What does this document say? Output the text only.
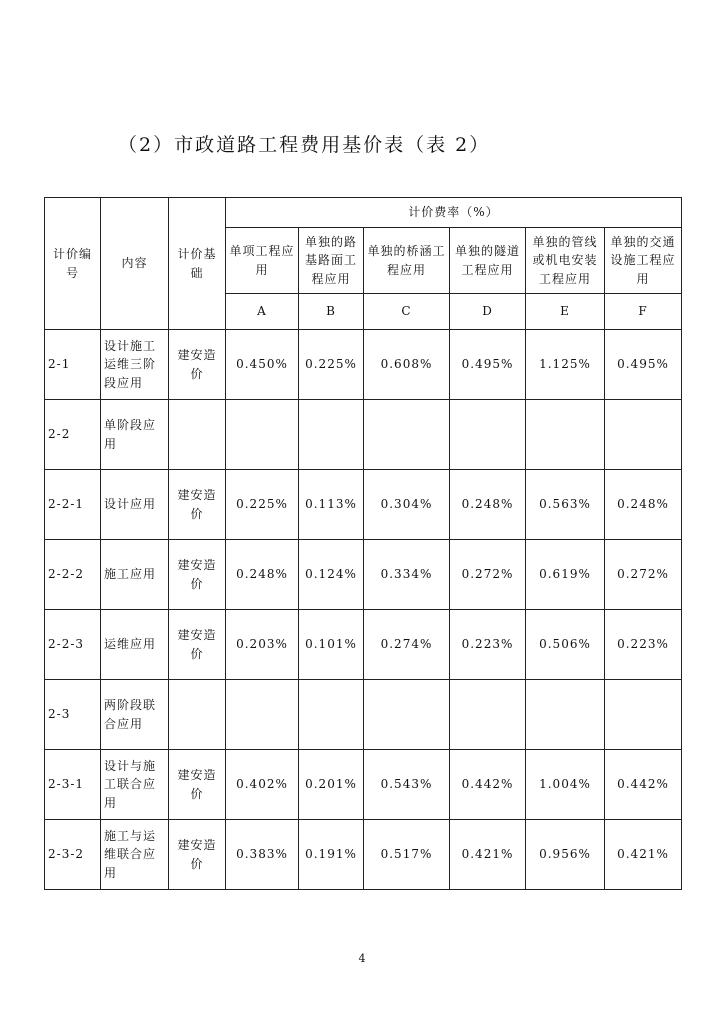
（2）市政道路工程费用基价表（表 2）
计价编号	内容	计价基础	计价费率（%）					
			单项工程应用	单独的路基路面工程应用	单独的桥涵工程应用	单独的隧道工程应用	单独的管线或机电安装工程应用	单独的交通设施工程应用
			A	B	C	D	E	F
2-1	设计施工运维三阶段应用	建安造价	0.450%	0.225%	0.608%	0.495%	1.125%	0.495%
2-2	单阶段应用							
2-2-1	设计应用	建安造价	0.225%	0.113%	0.304%	0.248%	0.563%	0.248%
2-2-2	施工应用	建安造价	0.248%	0.124%	0.334%	0.272%	0.619%	0.272%
2-2-3	运维应用	建安造价	0.203%	0.101%	0.274%	0.223%	0.506%	0.223%
2-3	两阶段联合应用							
2-3-1	设计与施工联合应用	建安造价	0.402%	0.201%	0.543%	0.442%	1.004%	0.442%
2-3-2	施工与运维联合应用	建安造价	0.383%	0.191%	0.517%	0.421%	0.956%	0.421%
4
